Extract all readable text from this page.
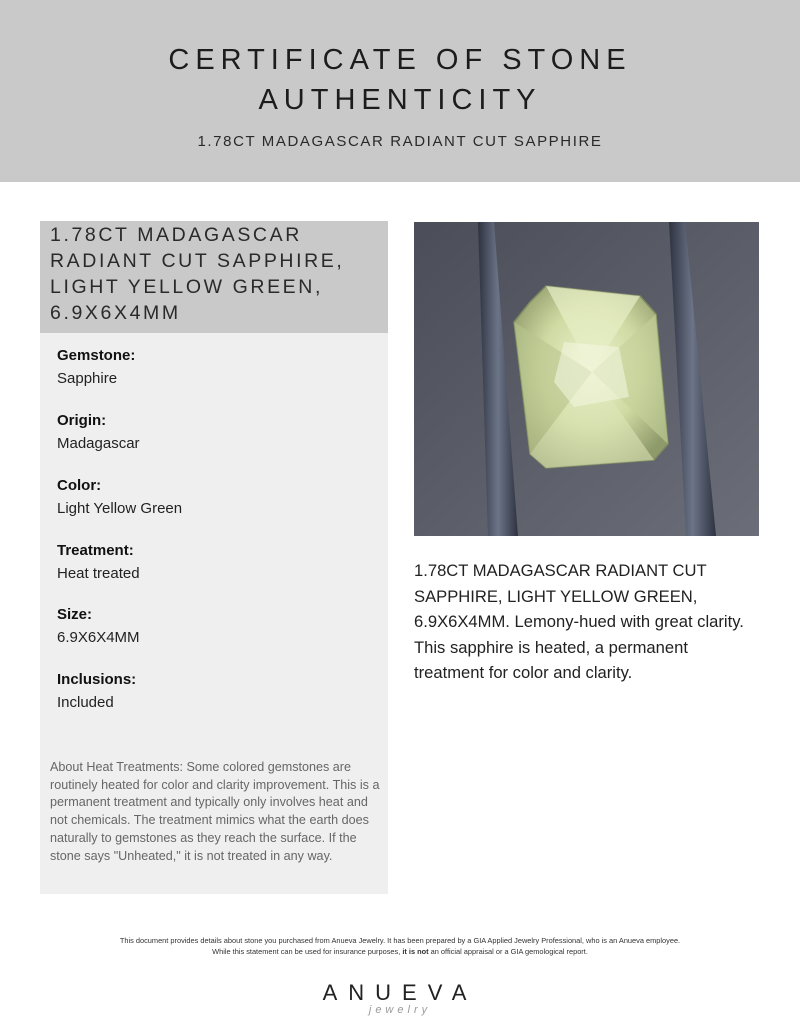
CERTIFICATE OF STONE
AUTHENTICITY
1.78CT MADAGASCAR RADIANT CUT SAPPHIRE
1.78CT MADAGASCAR RADIANT CUT SAPPHIRE, LIGHT YELLOW GREEN, 6.9X6X4MM
Gemstone:
Sapphire
Origin:
Madagascar
Color:
Light Yellow Green
Treatment:
Heat treated
Size:
6.9X6X4MM
Inclusions:
Included
About Heat Treatments: Some colored gemstones are routinely heated for color and clarity improvement. This is a permanent treatment and typically only involves heat and not chemicals. The treatment mimics what the earth does naturally to gemstones as they reach the surface. If the stone says "Unheated," it is not treated in any way.
1.78CT MADAGASCAR RADIANT CUT SAPPHIRE, LIGHT YELLOW GREEN, 6.9X6X4MM. Lemony-hued with great clarity. This sapphire is heated, a permanent treatment for color and clarity.
This document provides details about stone you purchased from Anueva Jewelry. It has been prepared by a GIA Applied Jewelry Professional, who is an Anueva employee.
While this statement can be used for insurance purposes, it is not an official appraisal or a GIA gemological report.
ANUEVA
jewelry
